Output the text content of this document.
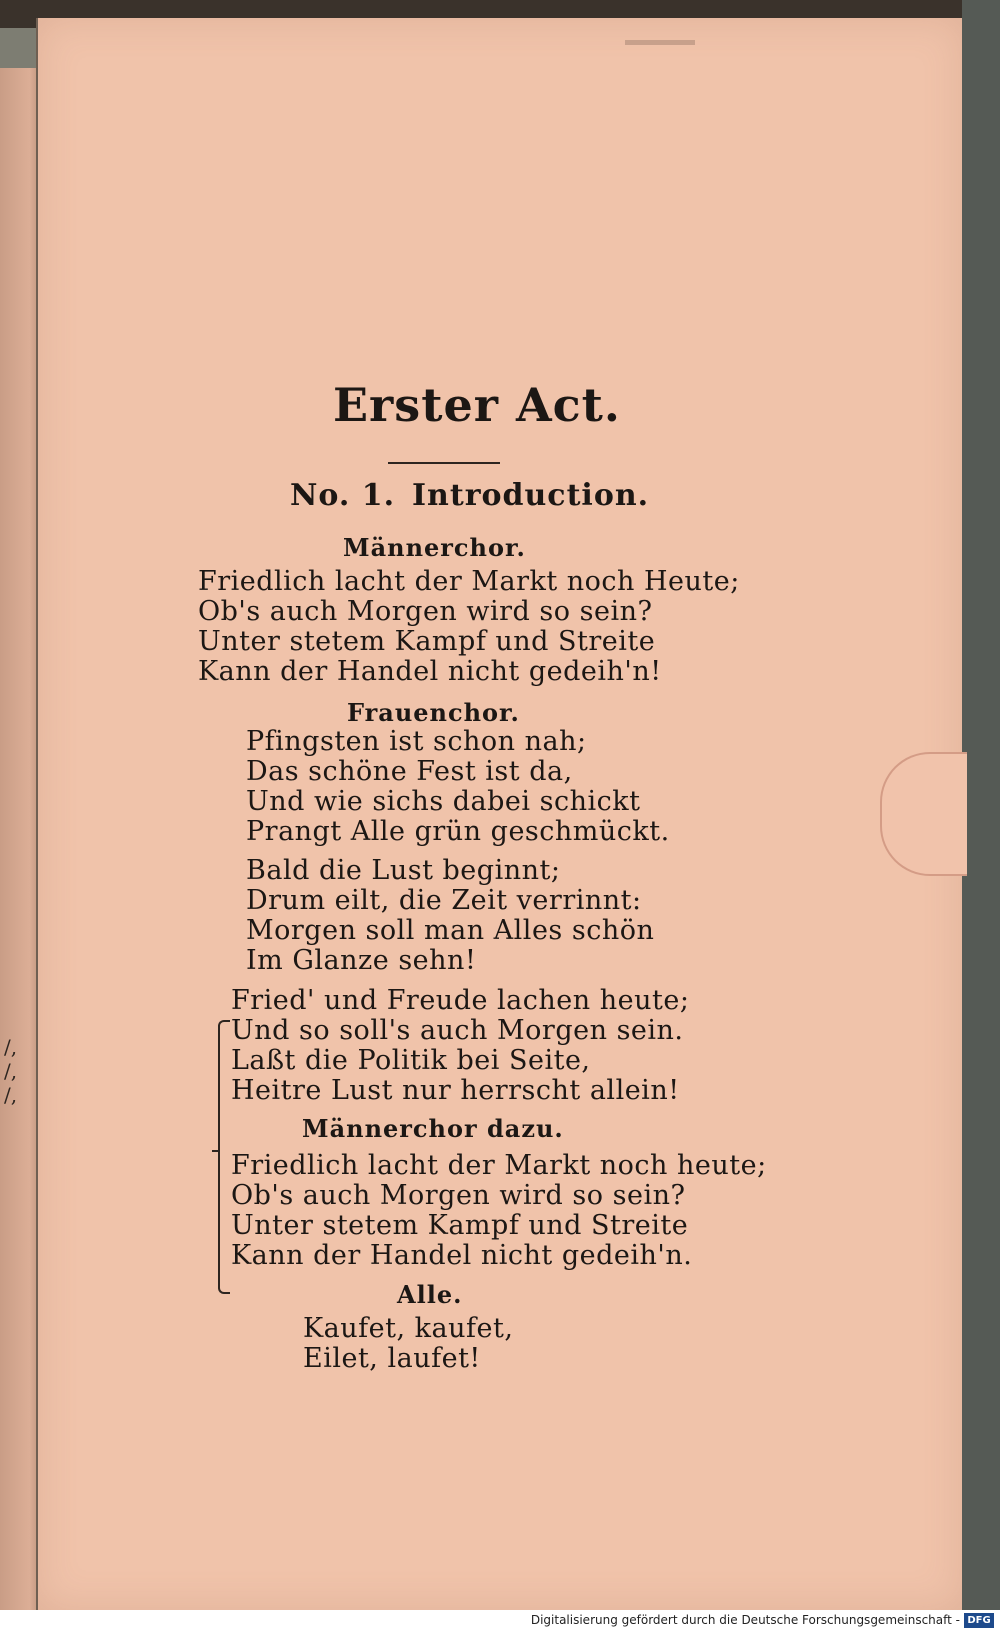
/,
/,
/,
Erster Act.
No. 1. Introduction.
Männerchor.
Friedlich lacht der Markt noch Heute;
Ob's auch Morgen wird so sein?
Unter stetem Kampf und Streite
Kann der Handel nicht gedeih'n!
Frauenchor.
Pfingsten ist schon nah;
Das schöne Fest ist da,
Und wie sichs dabei schickt
Prangt Alle grün geschmückt.
Bald die Lust beginnt;
Drum eilt, die Zeit verrinnt:
Morgen soll man Alles schön
Im Glanze sehn!
Fried' und Freude lachen heute;
Und so soll's auch Morgen sein.
Laßt die Politik bei Seite,
Heitre Lust nur herrscht allein!
Männerchor dazu.
Friedlich lacht der Markt noch heute;
Ob's auch Morgen wird so sein?
Unter stetem Kampf und Streite
Kann der Handel nicht gedeih'n.
Alle.
Kaufet, kaufet,
Eilet, laufet!
Digitalisierung gefördert durch die Deutsche Forschungsgemeinschaft - DFG
